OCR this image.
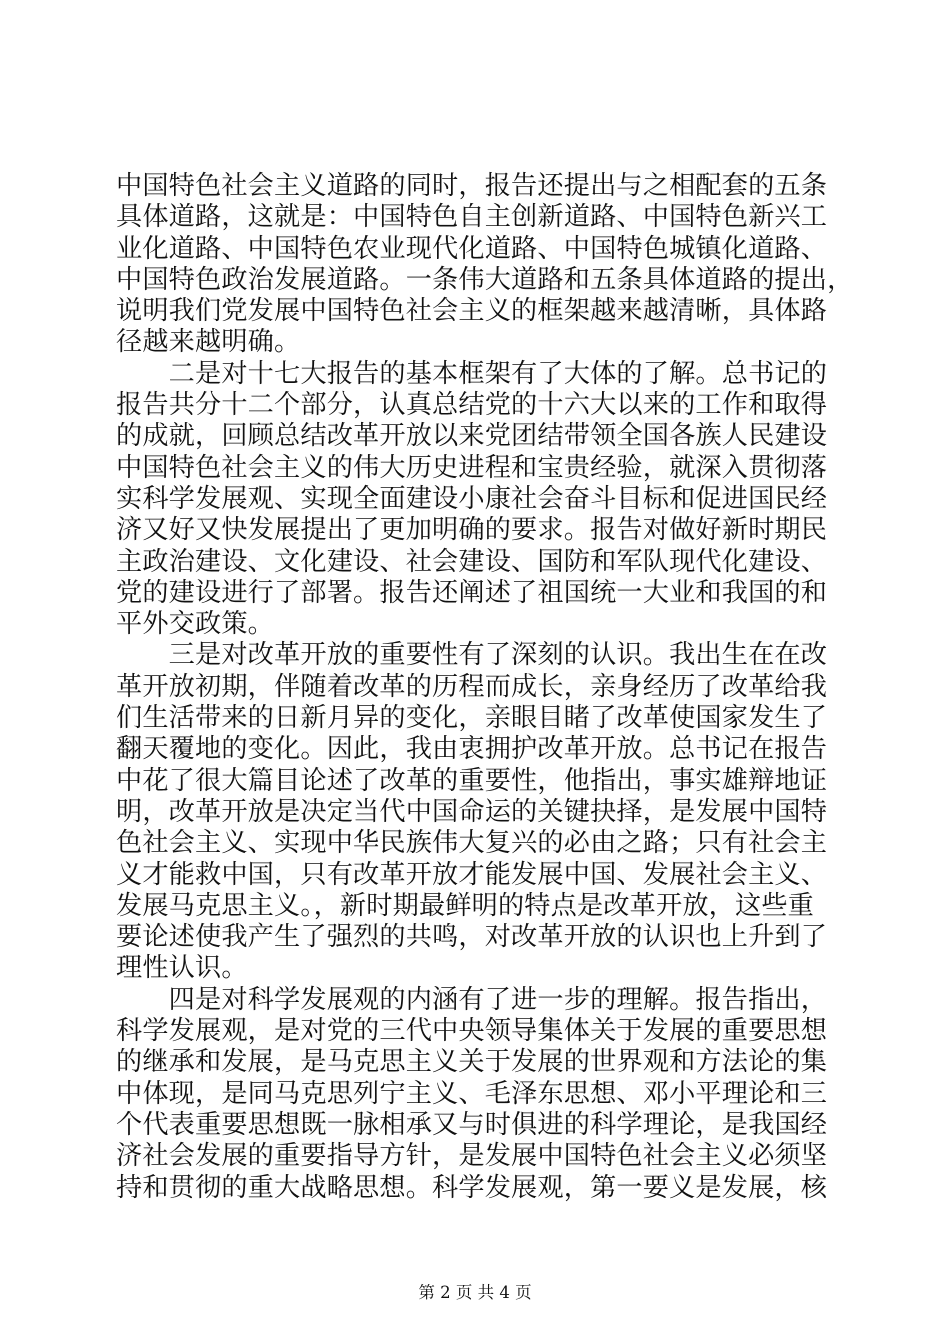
中国特色社会主义道路的同时，报告还提出与之相配套的五条
具体道路，这就是：中国特色自主创新道路、中国特色新兴工
业化道路、中国特色农业现代化道路、中国特色城镇化道路、
中国特色政治发展道路。一条伟大道路和五条具体道路的提出，
说明我们党发展中国特色社会主义的框架越来越清晰，具体路
径越来越明确。
　　二是对十七大报告的基本框架有了大体的了解。总书记的
报告共分十二个部分，认真总结党的十六大以来的工作和取得
的成就，回顾总结改革开放以来党团结带领全国各族人民建设
中国特色社会主义的伟大历史进程和宝贵经验，就深入贯彻落
实科学发展观、实现全面建设小康社会奋斗目标和促进国民经
济又好又快发展提出了更加明确的要求。报告对做好新时期民
主政治建设、文化建设、社会建设、国防和军队现代化建设、
党的建设进行了部署。报告还阐述了祖国统一大业和我国的和
平外交政策。
　　三是对改革开放的重要性有了深刻的认识。我出生在在改
革开放初期，伴随着改革的历程而成长，亲身经历了改革给我
们生活带来的日新月异的变化，亲眼目睹了改革使国家发生了
翻天覆地的变化。因此，我由衷拥护改革开放。总书记在报告
中花了很大篇目论述了改革的重要性，他指出，事实雄辩地证
明，改革开放是决定当代中国命运的关键抉择，是发展中国特
色社会主义、实现中华民族伟大复兴的必由之路；只有社会主
义才能救中国，只有改革开放才能发展中国、发展社会主义、
发展马克思主义。，新时期最鲜明的特点是改革开放，这些重
要论述使我产生了强烈的共鸣，对改革开放的认识也上升到了
理性认识。
　　四是对科学发展观的内涵有了进一步的理解。报告指出，
科学发展观，是对党的三代中央领导集体关于发展的重要思想
的继承和发展，是马克思主义关于发展的世界观和方法论的集
中体现，是同马克思列宁主义、毛泽东思想、邓小平理论和三
个代表重要思想既一脉相承又与时俱进的科学理论，是我国经
济社会发展的重要指导方针，是发展中国特色社会主义必须坚
持和贯彻的重大战略思想。科学发展观，第一要义是发展，核
第 2 页 共 4 页
